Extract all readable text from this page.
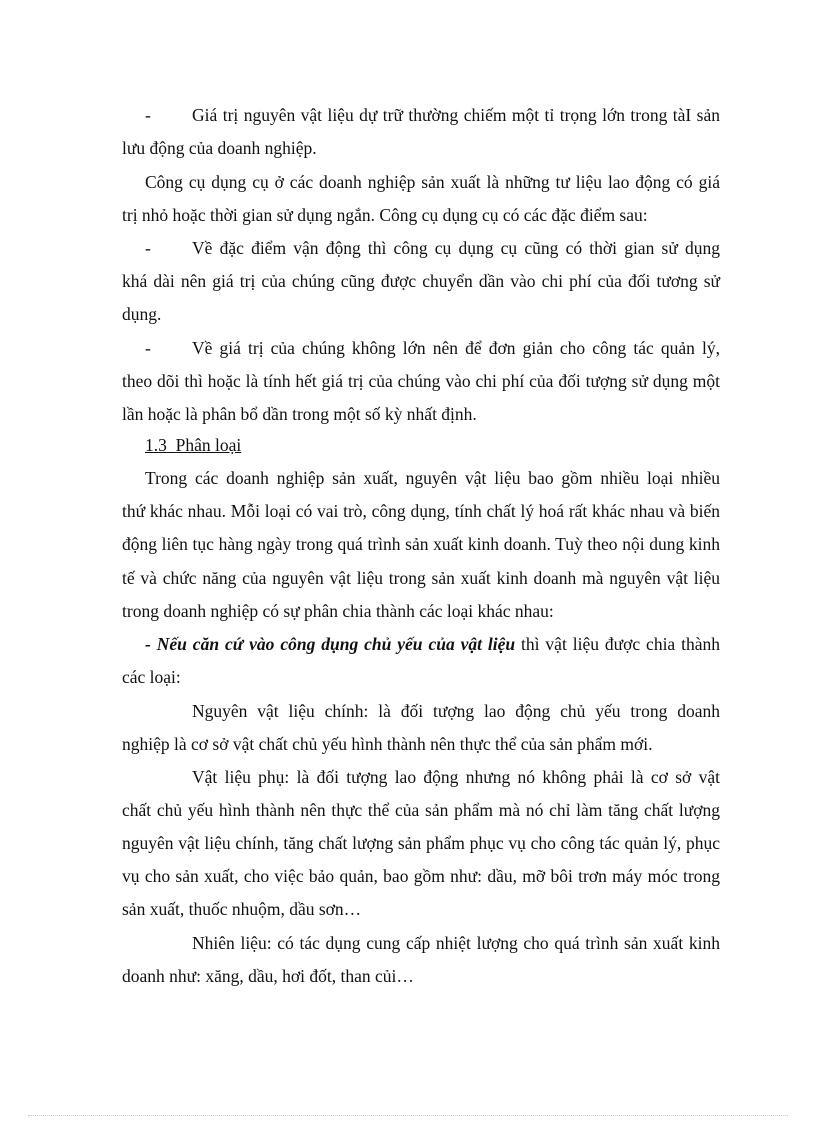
-	Giá trị nguyên vật liệu dự trữ thường chiếm một tỉ trọng lớn trong tàI sản
lưu động của doanh nghiệp.
Công cụ dụng cụ ở các doanh nghiệp sản xuất là những tư liệu lao động có giá
trị nhỏ hoặc thời gian sử dụng ngắn. Công cụ dụng cụ có các đặc điểm sau:
-	Về đặc điểm vận động thì công cụ dụng cụ cũng có thời gian sử dụng
khá dài nên giá trị của chúng cũng được chuyển dần vào chi phí của đối tương sử
dụng.
-	Về giá trị của chúng không lớn nên để đơn giản cho công tác quản lý,
theo dõi thì hoặc là tính hết giá trị của chúng vào chi phí của đối tượng sử dụng một
lần hoặc là phân bổ dần trong một số kỳ nhất định.
1.3 Phân loại
Trong các doanh nghiệp sản xuất, nguyên vật liệu bao gồm nhiều loại nhiều
thứ khác nhau. Mỗi loại có vai trò, công dụng, tính chất lý hoá rất khác nhau và biến
động liên tục hàng ngày trong quá trình sản xuất kinh doanh. Tuỳ theo nội dung kinh
tế và chức năng của nguyên vật liệu trong sản xuất kinh doanh mà nguyên vật liệu
trong doanh nghiệp có sự phân chia thành các loại khác nhau:
- Nếu căn cứ vào công dụng chủ yếu của vật liệu thì vật liệu được chia thành
các loại:
Nguyên vật liệu chính: là đối tượng lao động chủ yếu trong doanh
nghiệp là cơ sở vật chất chủ yếu hình thành nên thực thể của sản phẩm mới.
Vật liệu phụ: là đối tượng lao động nhưng nó không phải là cơ sở vật
chất chủ yếu hình thành nên thực thể của sản phẩm mà nó chỉ làm tăng chất lượng
nguyên vật liệu chính, tăng chất lượng sản phẩm phục vụ cho công tác quản lý, phục
vụ cho sản xuất, cho việc bảo quản, bao gồm như: dầu, mỡ bôi trơn máy móc trong
sản xuất, thuốc nhuộm, dầu sơn…
Nhiên liệu: có tác dụng cung cấp nhiệt lượng cho quá trình sản xuất kinh
doanh như: xăng, dầu, hơi đốt, than củi…
